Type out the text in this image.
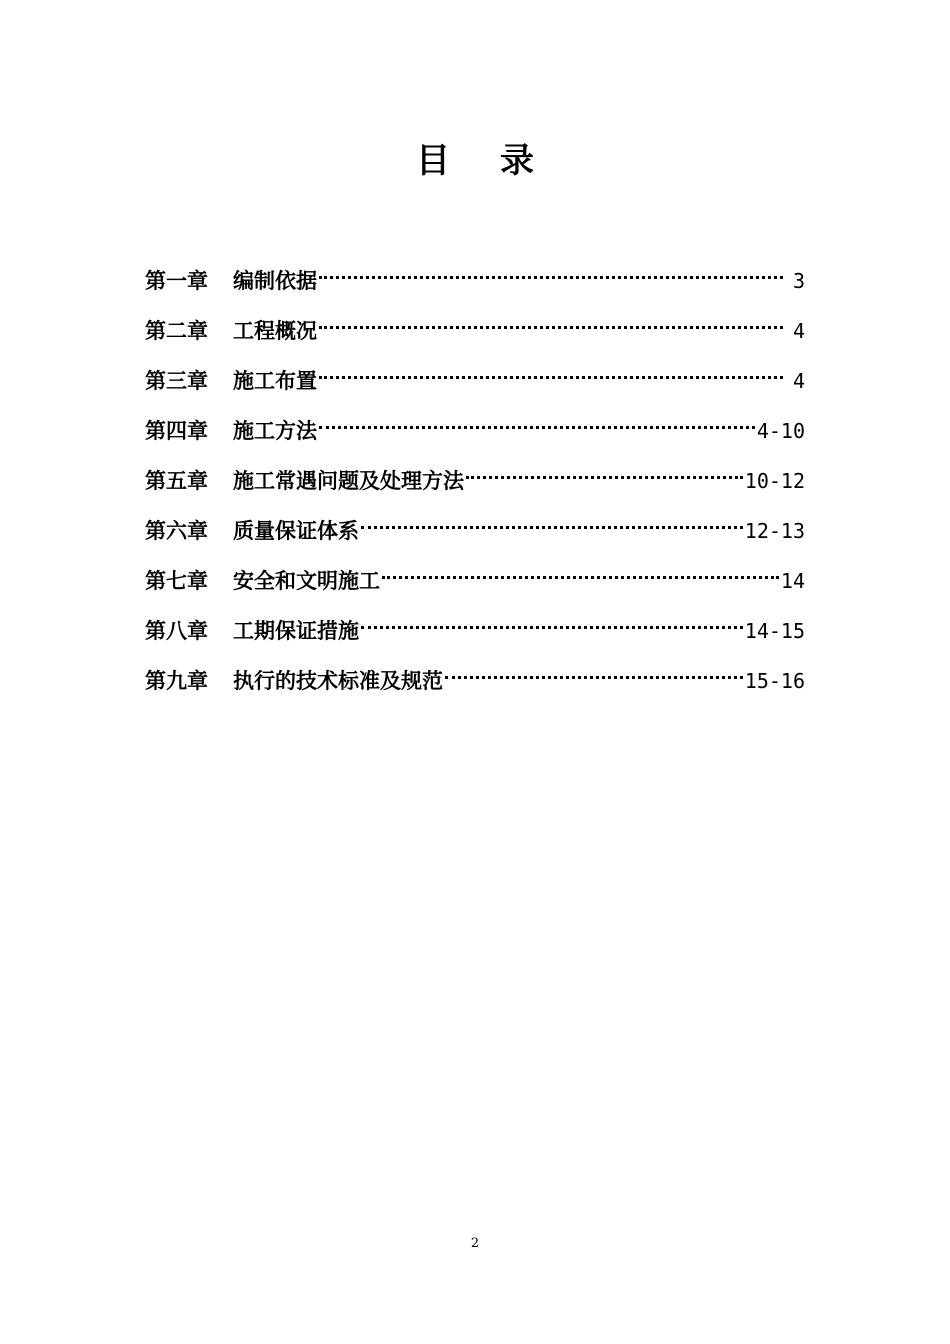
目录
第一章	编制依据	3
第二章	工程概况	4
第三章	施工布置	4
第四章	施工方法	4-10
第五章	施工常遇问题及处理方法	10-12
第六章	质量保证体系	12-13
第七章	安全和文明施工	14
第八章	工期保证措施	14-15
第九章	执行的技术标准及规范	15-16
2
